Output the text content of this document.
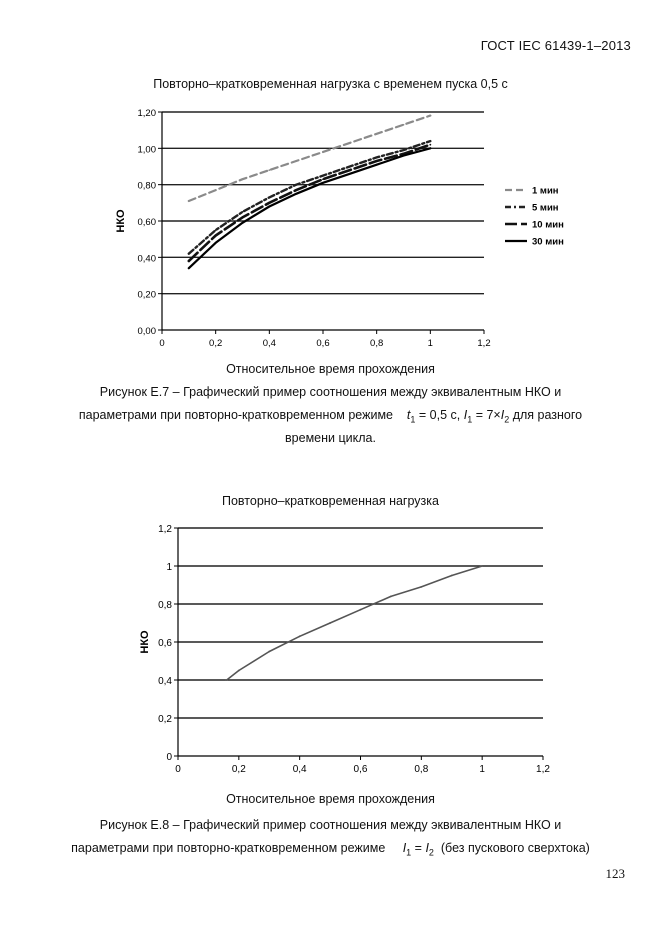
ГОСТ IEC 61439-1–2013
Повторно–кратковременная нагрузка с временем пуска 0,5 с
0,00
0,20
0,40
0,60
0,80
1,00
1,20
0	0,2	0,4	0,6	0,8	1	1,2
НКО
1 мин
5 мин
10 мин
30 мин
0
0,2
0,4
0,6
0,8
1
1,2
0	0,2	0,4	0,6	0,8	1	1,2
НКО
Относительное время прохождения
Рисунок Е.7 – Графический пример соотношения между эквивалентным НКО и
параметрами при повторно-кратковременном режиме $t_1 = 0,5$ с, $I_1 = 7\times I_2$ для разного
времени цикла.
Повторно–кратковременная нагрузка
Относительное время прохождения
Рисунок Е.8 – Графический пример соотношения между эквивалентным НКО и
параметрами при повторно-кратковременном режиме $I_1 = I_2$ (без пускового сверхтока)
123
